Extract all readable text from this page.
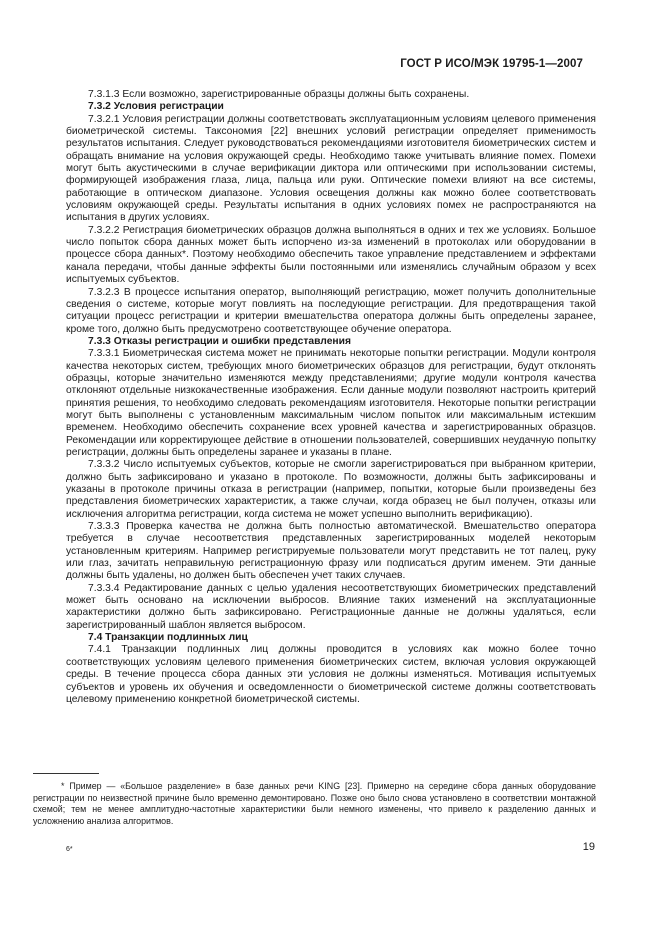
ГОСТ Р ИСО/МЭК 19795-1—2007

7.3.1.3 Если возможно, зарегистрированные образцы должны быть сохранены.

7.3.2 Условия регистрации

7.3.2.1 Условия регистрации должны соответствовать эксплуатационным условиям целевого применения биометрической системы. Таксономия [22] внешних условий регистрации определяет применимость результатов испытания. Следует руководствоваться рекомендациями изготовителя биометрических систем и обращать внимание на условия окружающей среды. Необходимо также учитывать влияние помех. Помехи могут быть акустическими в случае верификации диктора или оптическими при использовании системы, формирующей изображения глаза, лица, пальца или руки. Оптические помехи влияют на все системы, работающие в оптическом диапазоне. Условия освещения должны как можно более соответствовать условиям окружающей среды. Результаты испытания в одних условиях помех не распространяются на испытания в других условиях.

7.3.2.2 Регистрация биометрических образцов должна выполняться в одних и тех же условиях. Большое число попыток сбора данных может быть испорчено из-за изменений в протоколах или оборудовании в процессе сбора данных*. Поэтому необходимо обеспечить такое управление представлением и эффектами канала передачи, чтобы данные эффекты были постоянными или изменялись случайным образом у всех испытуемых субъектов.

7.3.2.3 В процессе испытания оператор, выполняющий регистрацию, может получить дополнительные сведения о системе, которые могут повлиять на последующие регистрации. Для предотвращения такой ситуации процесс регистрации и критерии вмешательства оператора должны быть определены заранее, кроме того, должно быть предусмотрено соответствующее обучение оператора.

7.3.3 Отказы регистрации и ошибки представления

7.3.3.1 Биометрическая система может не принимать некоторые попытки регистрации. Модули контроля качества некоторых систем, требующих много биометрических образцов для регистрации, будут отклонять образцы, которые значительно изменяются между представлениями; другие модули контроля качества отклоняют отдельные низкокачественные изображения. Если данные модули позволяют настроить критерий принятия решения, то необходимо следовать рекомендациям изготовителя. Некоторые попытки регистрации могут быть выполнены с установленным максимальным числом попыток или максимальным истекшим временем. Необходимо обеспечить сохранение всех уровней качества и зарегистрированных образцов. Рекомендации или корректирующее действие в отношении пользователей, совершивших неудачную попытку регистрации, должны быть определены заранее и указаны в плане.

7.3.3.2 Число испытуемых субъектов, которые не смогли зарегистрироваться при выбранном критерии, должно быть зафиксировано и указано в протоколе. По возможности, должны быть зафиксированы и указаны в протоколе причины отказа в регистрации (например, попытки, которые были произведены без представления биометрических характеристик, а также случаи, когда образец не был получен, отказы или исключения алгоритма регистрации, когда система не может успешно выполнить верификацию).

7.3.3.3 Проверка качества не должна быть полностью автоматической. Вмешательство оператора требуется в случае несоответствия представленных зарегистрированных моделей некоторым установленным критериям. Например регистрируемые пользователи могут представить не тот палец, руку или глаз, зачитать неправильную регистрационную фразу или подписаться другим именем. Эти данные должны быть удалены, но должен быть обеспечен учет таких случаев.

7.3.3.4 Редактирование данных с целью удаления несоответствующих биометрических представлений может быть основано на исключении выбросов. Влияние таких изменений на эксплуатационные характеристики должно быть зафиксировано. Регистрационные данные не должны удаляться, если зарегистрированный шаблон является выбросом.

7.4 Транзакции подлинных лиц

7.4.1 Транзакции подлинных лиц должны проводится в условиях как можно более точно соответствующих условиям целевого применения биометрических систем, включая условия окружающей среды. В течение процесса сбора данных эти условия не должны изменяться. Мотивация испытуемых субъектов и уровень их обучения и осведомленности о биометрической системе должны соответствовать целевому применению конкретной биометрической системы.

* Пример — «Большое разделение» в базе данных речи KING [23]. Примерно на середине сбора данных оборудование регистрации по неизвестной причине было временно демонтировано. Позже оно было снова установлено в соответствии монтажной схемой; тем не менее амплитудно-частотные характеристики были немного изменены, что привело к разделению данных и усложнению анализа алгоритмов.
6*	19
